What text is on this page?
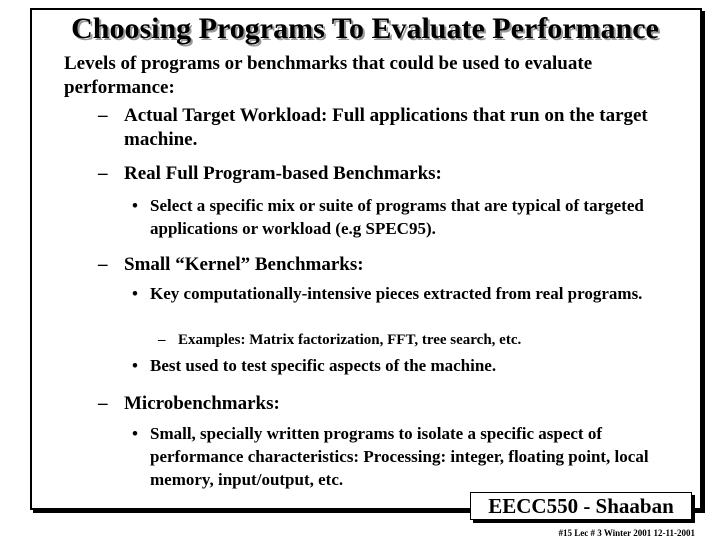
Choosing Programs To Evaluate Performance
Levels of programs or benchmarks that could be used to evaluate performance:
– Actual Target Workload: Full applications that run on the target machine.
– Real Full Program-based Benchmarks:
• Select a specific mix or suite of programs that are typical of targeted applications or workload (e.g SPEC95).
– Small “Kernel” Benchmarks:
• Key computationally-intensive pieces extracted from real programs.
– Examples: Matrix factorization, FFT, tree search, etc.
• Best used to test specific aspects of the machine.
– Microbenchmarks:
• Small, specially written programs to isolate a specific aspect of performance characteristics: Processing: integer, floating point, local memory, input/output, etc.
EECC550 - Shaaban
#15 Lec # 3 Winter 2001 12-11-2001
